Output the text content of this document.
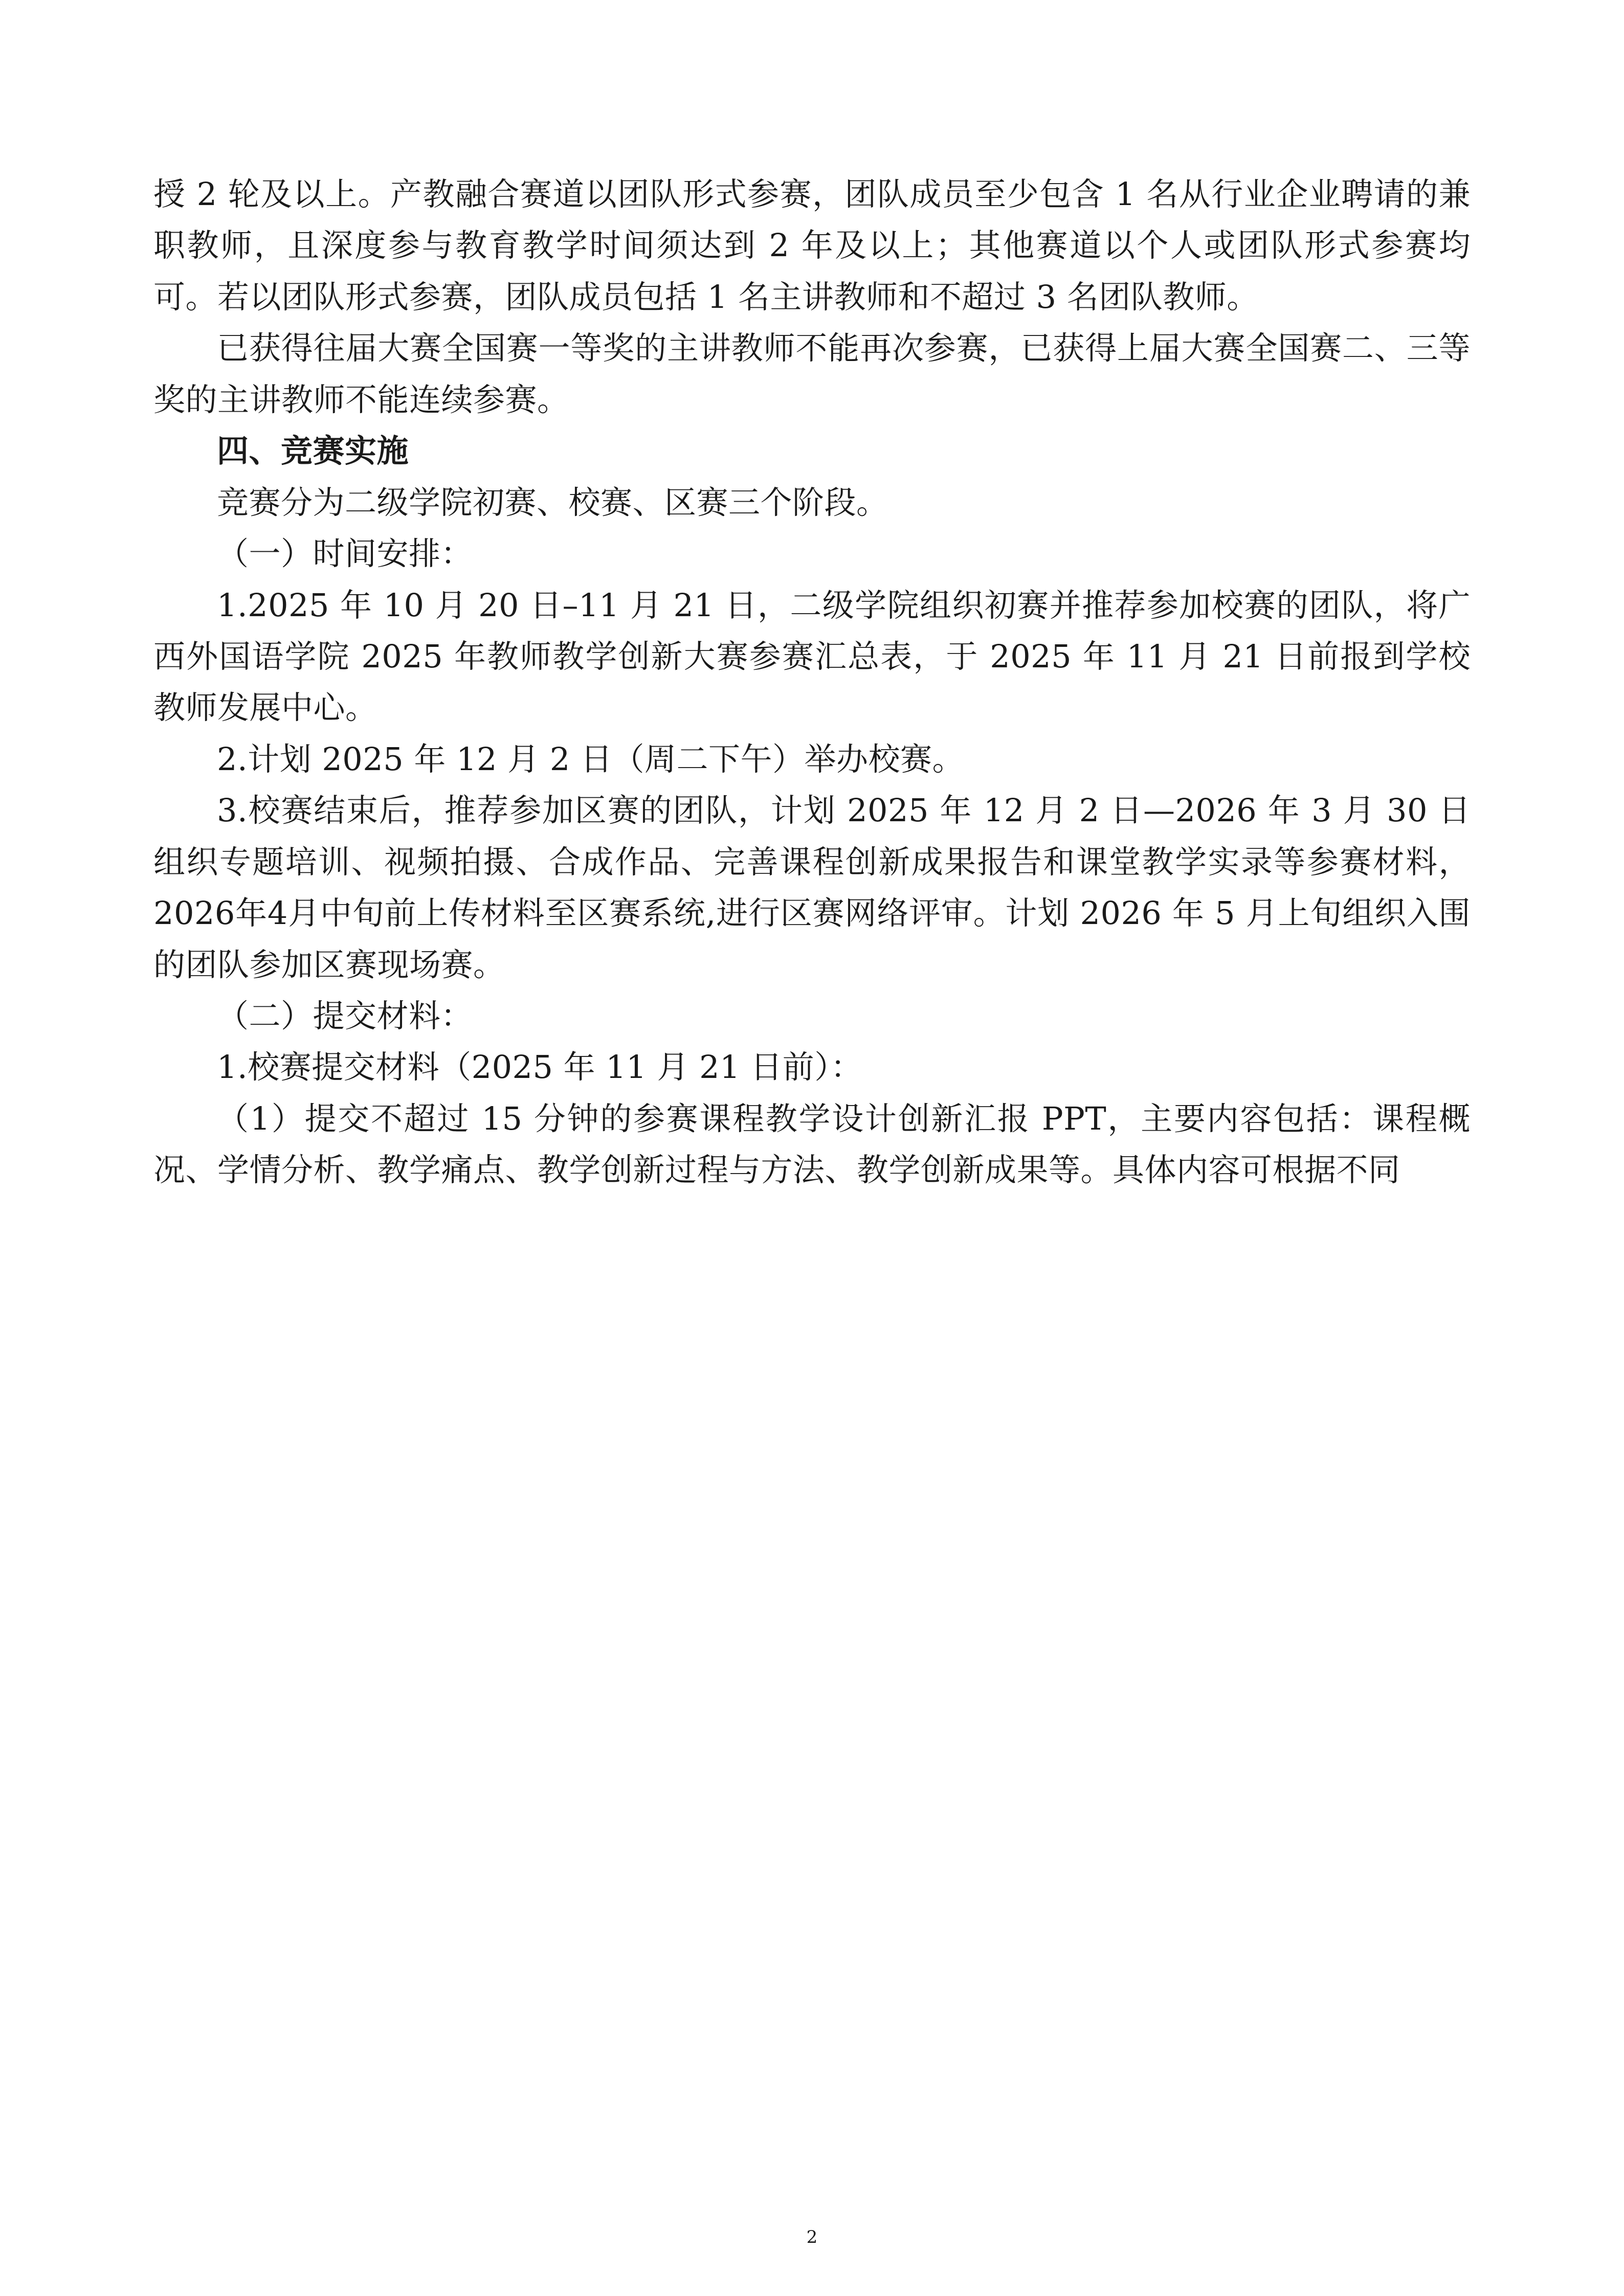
授 2 轮及以上。产教融合赛道以团队形式参赛，团队成员至少包含 1 名从行业企业聘请的兼职教师，且深度参与教育教学时间须达到 2 年及以上；其他赛道以个人或团队形式参赛均可。若以团队形式参赛，团队成员包括 1 名主讲教师和不超过 3 名团队教师。

已获得往届大赛全国赛一等奖的主讲教师不能再次参赛，已获得上届大赛全国赛二、三等奖的主讲教师不能连续参赛。

四、竞赛实施

竞赛分为二级学院初赛、校赛、区赛三个阶段。

（一）时间安排：

1.2025 年 10 月 20 日–11 月 21 日，二级学院组织初赛并推荐参加校赛的团队，将广西外国语学院 2025 年教师教学创新大赛参赛汇总表，于 2025 年 11 月 21 日前报到学校教师发展中心。

2.计划 2025 年 12 月 2 日（周二下午）举办校赛。

3.校赛结束后，推荐参加区赛的团队，计划 2025 年 12 月 2 日—2026 年 3 月 30 日组织专题培训、视频拍摄、合成作品、完善课程创新成果报告和课堂教学实录等参赛材料，2026年4月中旬前上传材料至区赛系统,进行区赛网络评审。计划 2026 年 5 月上旬组织入围的团队参加区赛现场赛。

（二）提交材料：

1.校赛提交材料（2025 年 11 月 21 日前）：

（1）提交不超过 15 分钟的参赛课程教学设计创新汇报 PPT，主要内容包括：课程概况、学情分析、教学痛点、教学创新过程与方法、教学创新成果等。具体内容可根据不同

2
